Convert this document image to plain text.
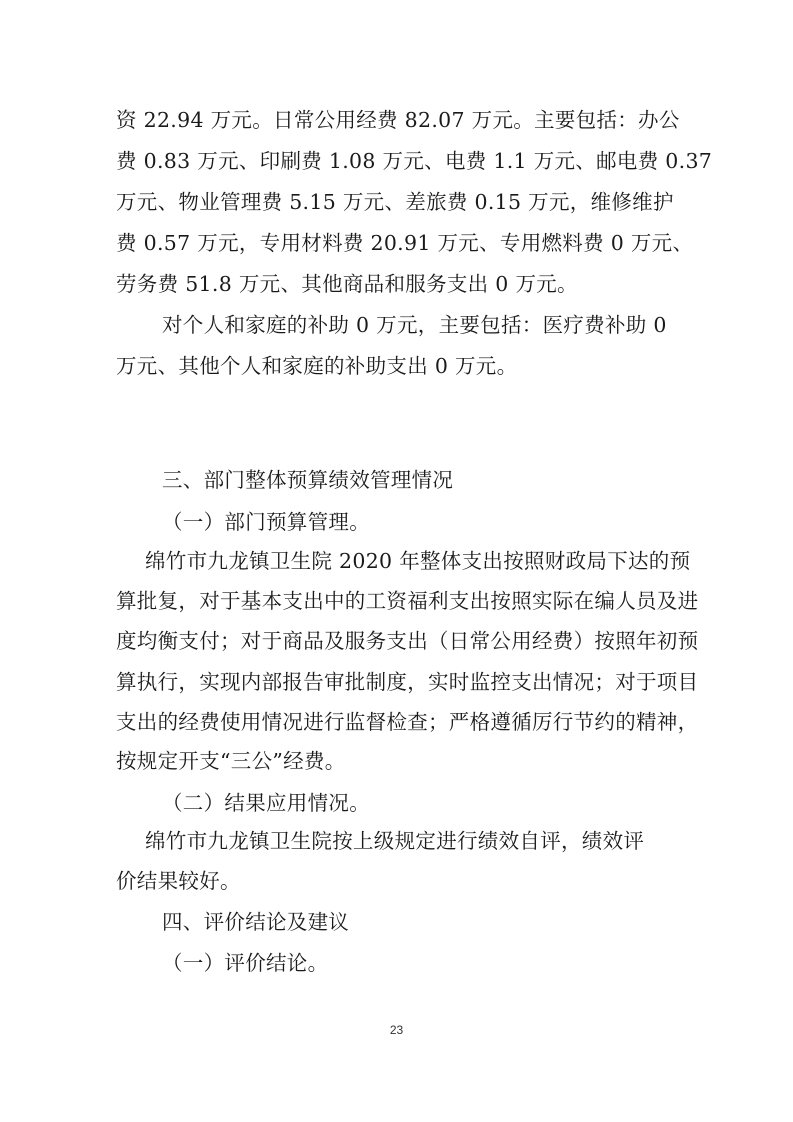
资 22.94 万元。日常公用经费 82.07 万元。主要包括：办公
费 0.83 万元、印刷费 1.08 万元、电费 1.1 万元、邮电费 0.37
万元、物业管理费 5.15 万元、差旅费 0.15 万元，维修维护
费 0.57 万元，专用材料费 20.91 万元、专用燃料费 0 万元、
劳务费 51.8 万元、其他商品和服务支出 0 万元。
对个人和家庭的补助 0 万元，主要包括：医疗费补助 0
万元、其他个人和家庭的补助支出 0 万元。
三、部门整体预算绩效管理情况
（一）部门预算管理。
绵竹市九龙镇卫生院 2020 年整体支出按照财政局下达的预
算批复，对于基本支出中的工资福利支出按照实际在编人员及进
度均衡支付；对于商品及服务支出（日常公用经费）按照年初预
算执行，实现内部报告审批制度，实时监控支出情况；对于项目
支出的经费使用情况进行监督检查；严格遵循厉行节约的精神，
按规定开支“三公”经费。
（二）结果应用情况。
绵竹市九龙镇卫生院按上级规定进行绩效自评，绩效评
价结果较好。
四、评价结论及建议
（一）评价结论。
23
